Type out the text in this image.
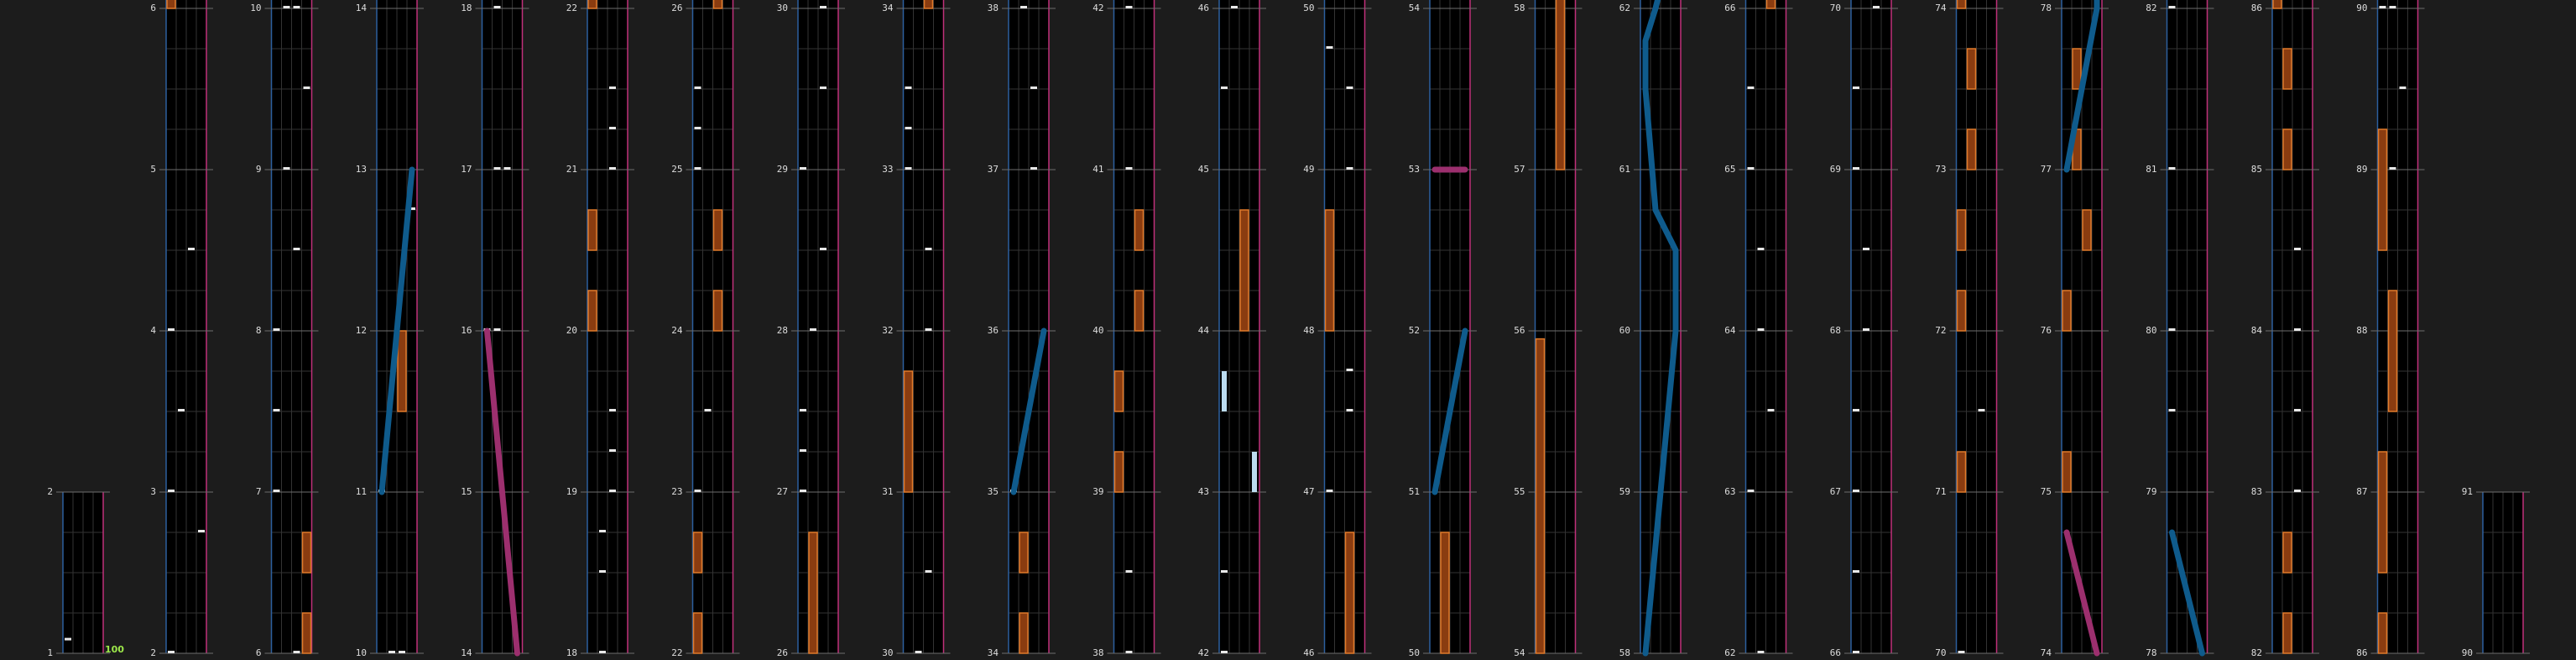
1
2
2
3
4
5
6
6
7
8
9
10
10
11
12
13
14
14
15
16
17
18
18
19
20
21
22
22
23
24
25
26
26
27
28
29
30
30
31
32
33
34
34
35
36
37
38
38
39
40
41
42
42
43
44
45
46
46
47
48
49
50
50
51
52
53
54
54
55
56
57
58
58
59
60
61
62
62
63
64
65
66
66
67
68
69
70
70
71
72
73
74
74
75
76
77
78
78
79
80
81
82
82
83
84
85
86
86
87
88
89
90
90
91
100
